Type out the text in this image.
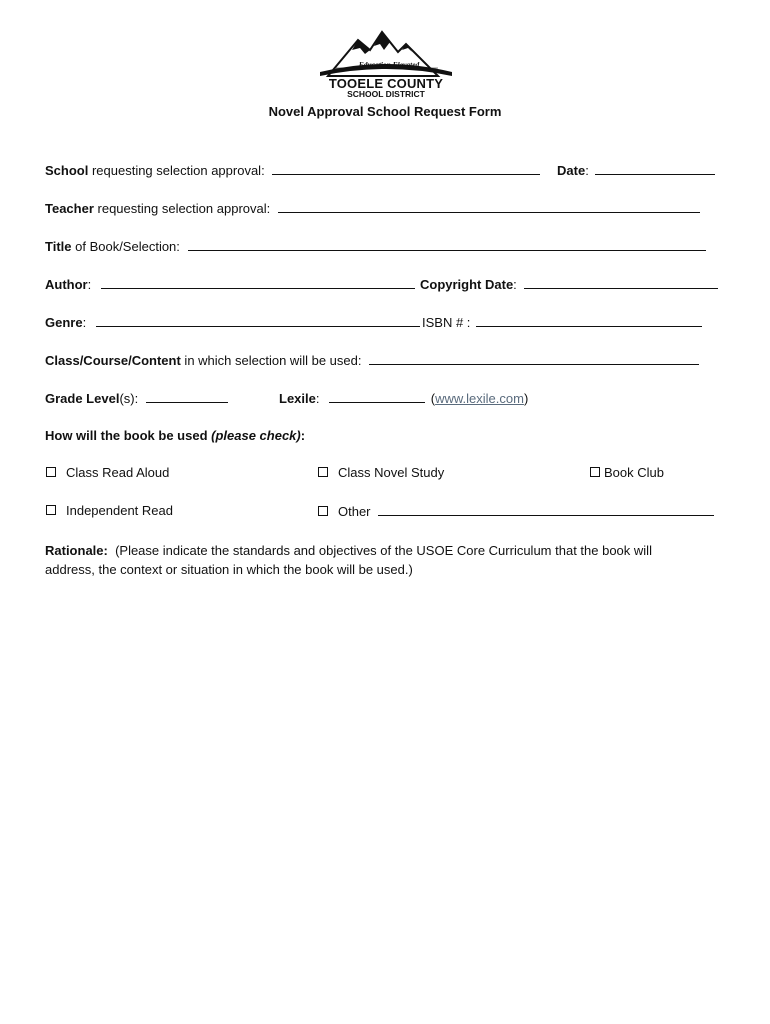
Education Elevated
TOOELE COUNTY
SCHOOL DISTRICT
Novel Approval School Request Form
School requesting selection approval:	Date:
Teacher requesting selection approval:
Title of Book/Selection:
Author:	Copyright Date:
Genre:	ISBN # :
Class/Course/Content in which selection will be used:
Grade Level(s):	Lexile:	(www.lexile.com)
How will the book be used (please check):
Class Read Aloud	Class Novel Study	Book Club
Independent Read	Other
Rationale:  (Please indicate the standards and objectives of the USOE Core Curriculum that the book will address, the context or situation in which the book will be used.)
